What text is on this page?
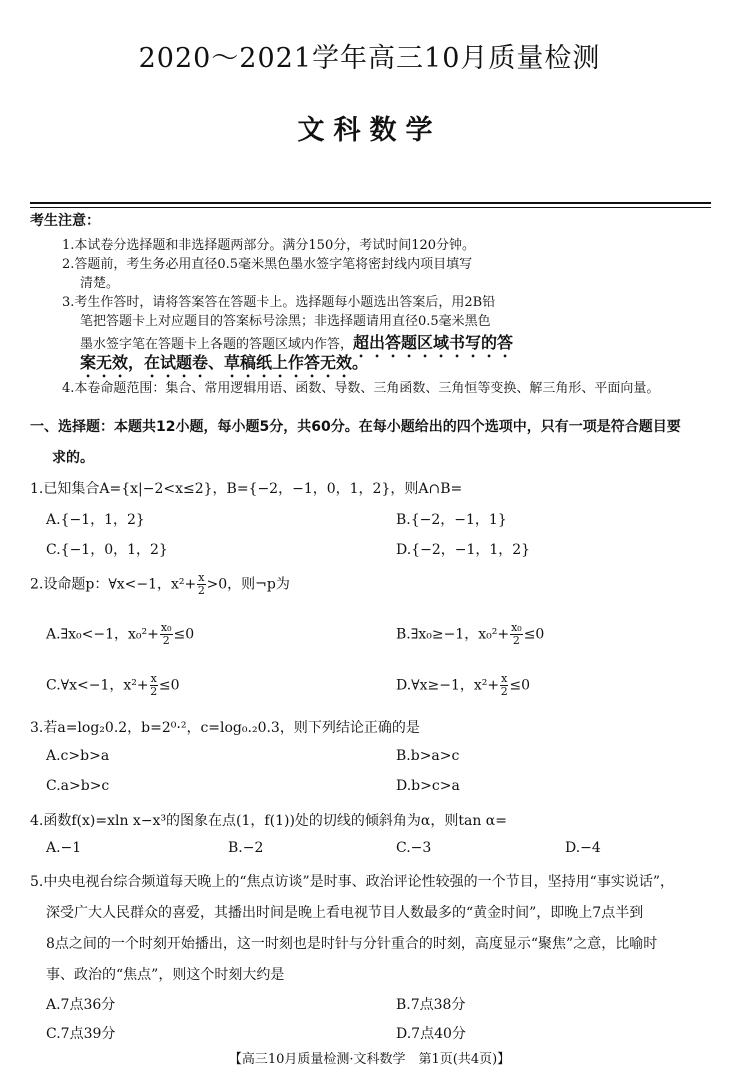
2020～2021学年高三10月质量检测
文科数学
考生注意：
1.本试卷分选择题和非选择题两部分。满分150分，考试时间120分钟。
2.答题前，考生务必用直径0.5毫米黑色墨水签字笔将密封线内项目填写
清楚。
3.考生作答时，请将答案答在答题卡上。选择题每小题选出答案后，用2B铅
笔把答题卡上对应题目的答案标号涂黑；非选择题请用直径0.5毫米黑色
墨水签字笔在答题卡上各题的答题区域内作答，超出答题区域书写的答
案无效，在试题卷、草稿纸上作答无效。
4.本卷命题范围：集合、常用逻辑用语、函数、导数、三角函数、三角恒等变换、解三角形、平面向量。
一、选择题：本题共12小题，每小题5分，共60分。在每小题给出的四个选项中，只有一项是符合题目要
求的。
1.已知集合A={x|−2<x≤2}，B={−2，−1，0，1，2}，则A∩B=
A.{−1，1，2}	B.{−2，−1，1}
C.{−1，0，1，2}	D.{−2，−1，1，2}
2.设命题p：∀x<−1，$x^2+ \frac{x}{2} >0$，则¬p为
A.∃x₀<−1，$x_0^2+ \frac{\text{x₀}}{2} \le 0$	B.∃x₀≥−1，$x_0^2+ \frac{\text{x₀}}{2} \le 0$
C.∀x<−1，$x^2+ \frac{x}{2} \le 0$	D.∀x≥−1，$x^2+ \frac{x}{2} \le 0$
3.若a=log₂0.2，b=2⁰·²，c=log₀.₂0.3，则下列结论正确的是
A.c>b>a	B.b>a>c
C.a>b>c	D.b>c>a
4.函数f(x)=xln x−x³的图象在点(1，f(1))处的切线的倾斜角为α，则tan α=
A.−1	B.−2	C.−3	D.−4
5.中央电视台综合频道每天晚上的“焦点访谈”是时事、政治评论性较强的一个节目，坚持用“事实说话”，
深受广大人民群众的喜爱，其播出时间是晚上看电视节目人数最多的“黄金时间”，即晚上7点半到
8点之间的一个时刻开始播出，这一时刻也是时针与分针重合的时刻，高度显示“聚焦”之意，比喻时
事、政治的“焦点”，则这个时刻大约是
A.7点36分	B.7点38分
C.7点39分	D.7点40分
【高三10月质量检测·文科数学　第1页(共4页)】
